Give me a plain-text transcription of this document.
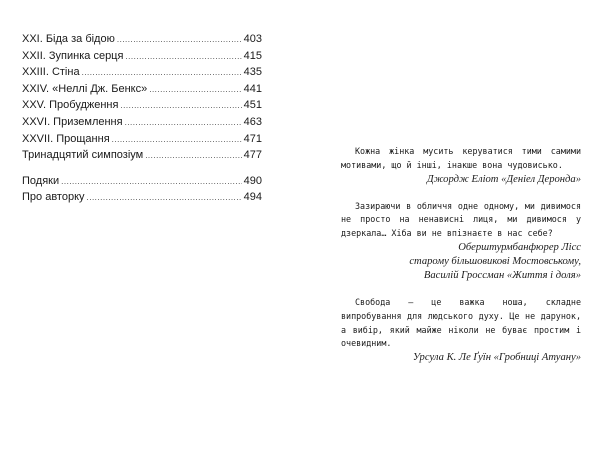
XXI. Біда за бідою .....	403
XXII. Зупинка серця .....	415
XXIII. Стіна .....	435
XXIV. «Неллі Дж. Бенкс» .....	441
XXV. Пробудження .....	451
XXVI. Приземлення .....	463
XXVII. Прощання .....	471
Тринадцятий симпозіум .....	477
Подяки .....	490
Про авторку .....	494

Кожна жінка мусить керуватися тими самими мотивами, що й інші, інакше вона чудовисько.

Джордж Еліот «Деніел Деронда»

Зазираючи в обличчя одне одному, ми дивимося не просто на ненависні лиця, ми дивимося у дзеркала… Хіба ви не впізнаєте в нас себе?

Оберштурмбанфюрер Лісс

старому більшовикові Мостовському,

Василій Гроссман «Життя і доля»

Свобода – це важка ноша, складне випробування для людського духу. Це не дарунок, а вибір, який майже ніколи не буває простим і очевидним.

Урсула К. Ле Ґуїн «Гробниці Атуану»
